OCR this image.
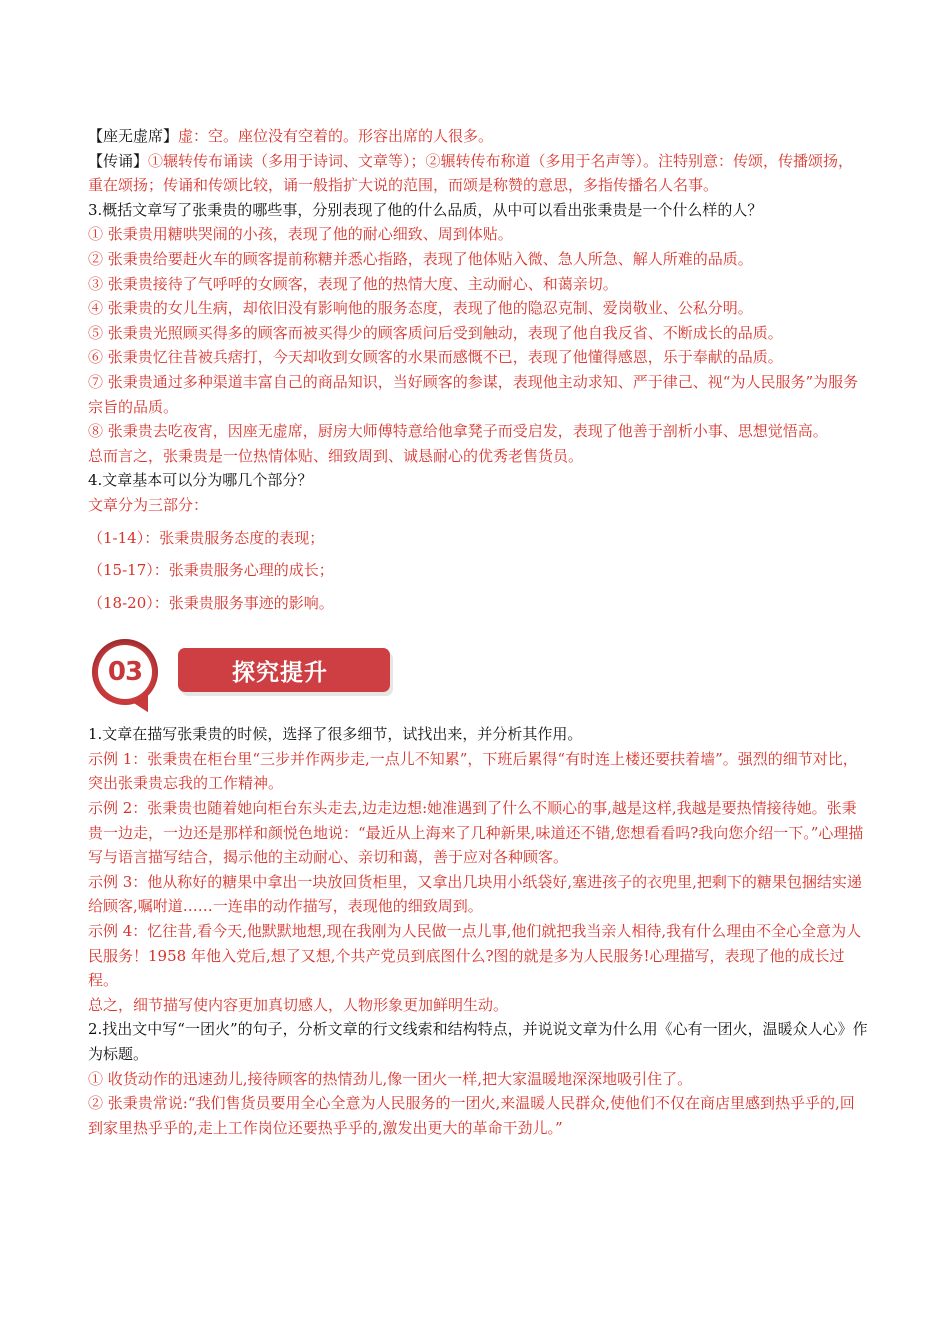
【座无虚席】虚：空。座位没有空着的。形容出席的人很多。

【传诵】①辗转传布诵读（多用于诗词、文章等）；②辗转传布称道（多用于名声等）。注特别意：传颂，传播颂扬，重在颂扬；传诵和传颂比较，诵一般指扩大说的范围，而颂是称赞的意思，多指传播名人名事。

3.概括文章写了张秉贵的哪些事，分别表现了他的什么品质，从中可以看出张秉贵是一个什么样的人？

① 张秉贵用糖哄哭闹的小孩，表现了他的耐心细致、周到体贴。

② 张秉贵给要赶火车的顾客提前称糖并悉心指路，表现了他体贴入微、急人所急、解人所难的品质。

③ 张秉贵接待了气呼呼的女顾客，表现了他的热情大度、主动耐心、和蔼亲切。

④ 张秉贵的女儿生病，却依旧没有影响他的服务态度，表现了他的隐忍克制、爱岗敬业、公私分明。

⑤ 张秉贵光照顾买得多的顾客而被买得少的顾客质问后受到触动，表现了他自我反省、不断成长的品质。

⑥ 张秉贵忆往昔被兵痞打，今天却收到女顾客的水果而感慨不已，表现了他懂得感恩，乐于奉献的品质。

⑦ 张秉贵通过多种渠道丰富自己的商品知识，当好顾客的参谋，表现他主动求知、严于律己、视“为人民服务”为服务宗旨的品质。

⑧ 张秉贵去吃夜宵，因座无虚席，厨房大师傅特意给他拿凳子而受启发，表现了他善于剖析小事、思想觉悟高。

总而言之，张秉贵是一位热情体贴、细致周到、诚恳耐心的优秀老售货员。

4.文章基本可以分为哪几个部分？

文章分为三部分：

（1-14）：张秉贵服务态度的表现；

（15-17）：张秉贵服务心理的成长；

（18-20）：张秉贵服务事迹的影响。

03	探究提升

1.文章在描写张秉贵的时候，选择了很多细节，试找出来，并分析其作用。

示例 1：张秉贵在柜台里“三步并作两步走,一点儿不知累”，下班后累得“有时连上楼还要扶着墙”。强烈的细节对比，突出张秉贵忘我的工作精神。

示例 2：张秉贵也随着她向柜台东头走去,边走边想:她准遇到了什么不顺心的事,越是这样,我越是要热情接待她。张秉贵一边走，一边还是那样和颜悦色地说：“最近从上海来了几种新果,味道还不错,您想看看吗?我向您介绍一下。”心理描写与语言描写结合，揭示他的主动耐心、亲切和蔼，善于应对各种顾客。

示例 3：他从称好的糖果中拿出一块放回货柜里，又拿出几块用小纸袋好,塞进孩子的衣兜里,把剩下的糖果包捆结实递给顾客,嘱咐道……一连串的动作描写，表现他的细致周到。

示例 4：忆往昔,看今天,他默默地想,现在我刚为人民做一点儿事,他们就把我当亲人相待,我有什么理由不全心全意为人民服务！1958 年他入党后,想了又想,个共产党员到底图什么?图的就是多为人民服务!心理描写，表现了他的成长过程。

总之，细节描写使内容更加真切感人，人物形象更加鲜明生动。

2.找出文中写“一团火”的句子，分析文章的行文线索和结构特点，并说说文章为什么用《心有一团火，温暖众人心》作为标题。

① 收货动作的迅速劲儿,接待顾客的热情劲儿,像一团火一样,把大家温暖地深深地吸引住了。

② 张秉贵常说:“我们售货员要用全心全意为人民服务的一团火,来温暖人民群众,使他们不仅在商店里感到热乎乎的,回到家里热乎乎的,走上工作岗位还要热乎乎的,激发出更大的革命干劲儿。”
